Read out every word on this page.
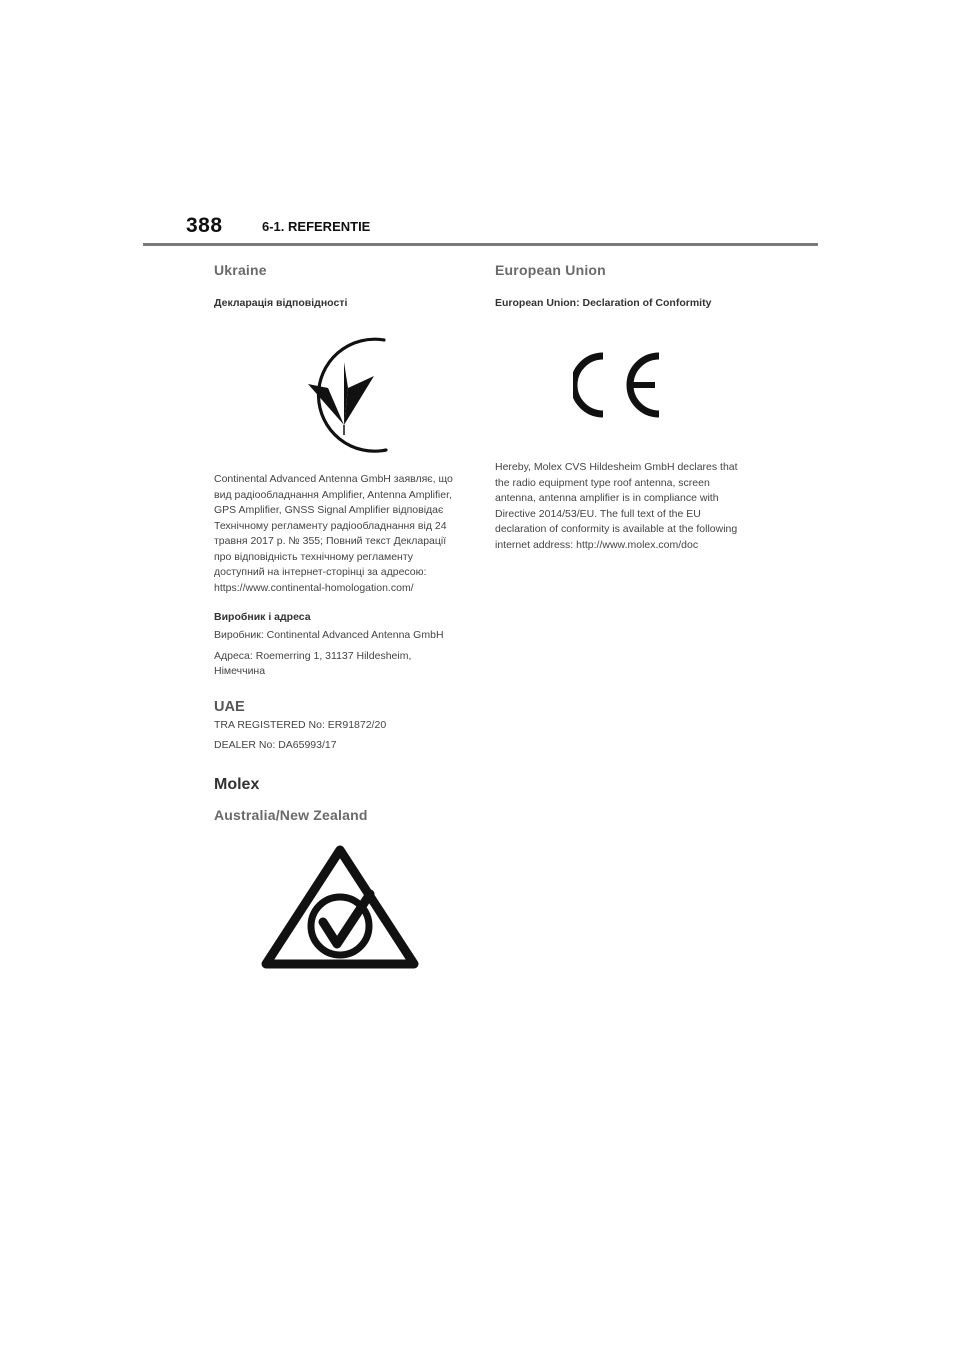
388	6-1. REFERENTIE
Ukraine
Декларація відповідності

Continental Advanced Antenna GmbH заявляє, що вид радіообладнання Amplifier, Antenna Amplifier, GPS Amplifier, GNSS Signal Amplifier відповідає Технічному регламенту радіообладнання від 24 травня 2017 р. № 355; Повний текст Декларації про відповідність технічному регламенту доступний на інтернет-сторінці за адресою: https://www.continental-homologation.com/

Виробник і адреса

Виробник: Continental Advanced Antenna GmbH

Адреса: Roemerring 1, 31137 Hildesheim, Німеччина

UAE

TRA REGISTERED No: ER91872/20

DEALER No: DA65993/17

Molex
Australia/New Zealand
European Union
European Union: Declaration of Conformity

Hereby, Molex CVS Hildesheim GmbH declares that the radio equipment type roof antenna, screen antenna, antenna amplifier is in compliance with Directive 2014/53/EU. The full text of the EU declaration of conformity is available at the following internet address: http://www.molex.com/doc
